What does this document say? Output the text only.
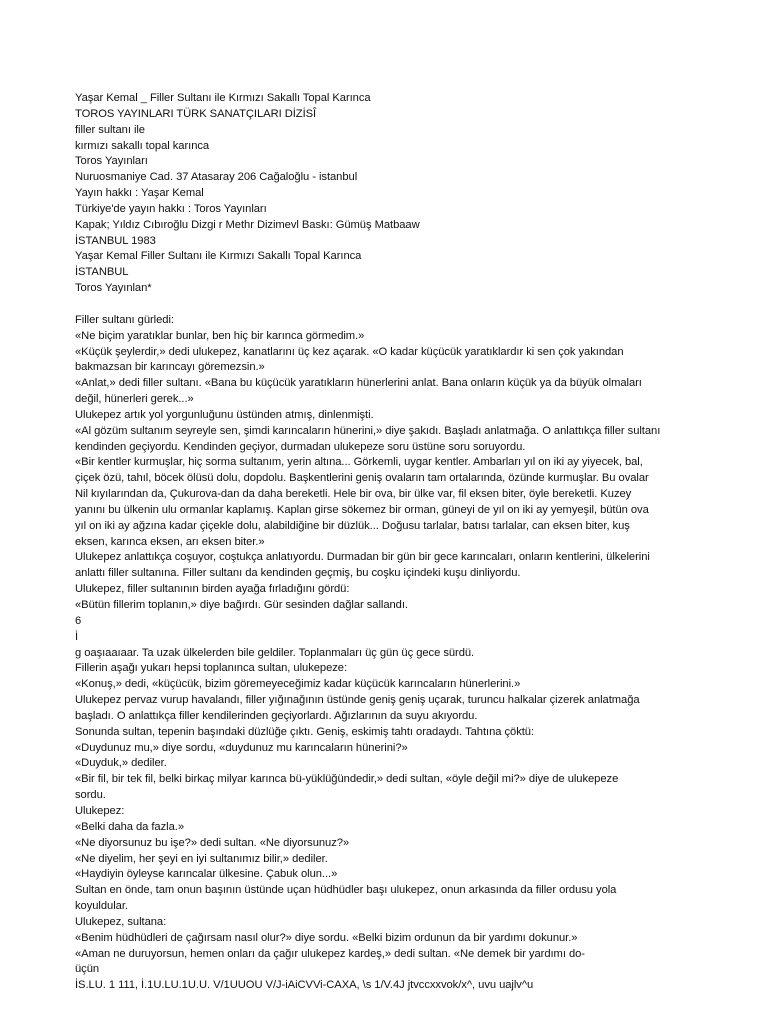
Yaşar Kemal _ Filler Sultanı ile Kırmızı Sakallı Topal Karınca
TOROS YAYINLARI TÜRK SANATÇILARI DİZİSÎ
filler sultanı ile
kırmızı sakallı topal karınca
Toros Yayınları
Nuruosmaniye Cad. 37 Atasaray 206 Cağaloğlu - istanbul
Yayın hakkı : Yaşar Kemal
Türkiye'de yayın hakkı : Toros Yayınları
Kapak; Yıldız Cıbıroğlu Dizgi r Methr Dizimevl Baskı: Gümüş Matbaaw
İSTANBUL 1983
Yaşar Kemal Filler Sultanı ile Kırmızı Sakallı Topal Karınca
İSTANBUL
Toros Yayınlan*
Filler sultanı gürledi:
«Ne biçim yaratıklar bunlar, ben hiç bir karınca görmedim.»
«Küçük şeylerdir,» dedi ulukepez, kanatlarını üç kez açarak. «O kadar küçücük yaratıklardır ki sen çok yakından
bakmazsan bir karıncayı göremezsin.»
«Anlat,» dedi filler sultanı. «Bana bu küçücük yaratıkların hünerlerini anlat. Bana onların küçük ya da büyük olmaları
değil, hünerleri gerek...»
Ulukepez artık yol yorgunluğunu üstünden atmış, dinlenmişti.
«Al gözüm sultanım seyreyle sen, şimdi karıncaların hünerini,» diye şakıdı. Başladı anlatmağa. O anlattıkça filler sultanı
kendinden geçiyordu. Kendinden geçiyor, durmadan ulukepeze soru üstüne soru soruyordu.
«Bir kentler kurmuşlar, hiç sorma sultanım, yerin altına... Görkemli, uygar kentler. Ambarları yıl on iki ay yiyecek, bal,
çiçek özü, tahıl, böcek ölüsü dolu, dopdolu. Başkentlerini geniş ovaların tam ortalarında, özünde kurmuşlar. Bu ovalar
Nil kıyılarından da, Çukurova-dan da daha bereketli. Hele bir ova, bir ülke var, fil eksen biter, öyle bereketli. Kuzey
yanını bu ülkenin ulu ormanlar kaplamış. Kaplan girse sökemez bir orman, güneyi de yıl on iki ay yemyeşil, bütün ova
yıl on iki ay ağzına kadar çiçekle dolu, alabildiğine bir düzlük... Doğusu tarlalar, batısı tarlalar, can eksen biter, kuş
eksen, karınca eksen, arı eksen biter.»
Ulukepez anlattıkça coşuyor, coştukça anlatıyordu. Durmadan bir gün bir gece karıncaları, onların kentlerini, ülkelerini
anlattı filler sultanına. Filler sultanı da kendinden geçmiş, bu coşku içindeki kuşu dinliyordu.
Ulukepez, filler sultanının birden ayağa fırladığını gördü:
«Bütün fillerim toplanın,» diye bağırdı. Gür sesinden dağlar sallandı.
6
İ
g oaşıaaıaar. Ta uzak ülkelerden bile geldiler. Toplanmaları üç gün üç gece sürdü.
Fillerin aşağı yukarı hepsi toplanınca sultan, ulukepeze:
«Konuş,» dedi, «küçücük, bizim göremeyeceğimiz kadar küçücük karıncaların hünerlerini.»
Ulukepez pervaz vurup havalandı, filler yığınağının üstünde geniş geniş uçarak, turuncu halkalar çizerek anlatmağa
başladı. O anlattıkça filler kendilerinden geçiyorlardı. Ağızlarının da suyu akıyordu.
Sonunda sultan, tepenin başındaki düzlüğe çıktı. Geniş, eskimiş tahtı oradaydı. Tahtına çöktü:
«Duydunuz mu,» diye sordu, «duydunuz mu karıncaların hünerini?»
«Duyduk,» dediler.
«Bir fil, bir tek fil, belki birkaç milyar karınca bü-yüklüğündedir,» dedi sultan, «öyle değil mi?» diye de ulukepeze
sordu.
Ulukepez:
«Belki daha da fazla.»
«Ne diyorsunuz bu işe?» dedi sultan. «Ne diyorsunuz?»
«Ne diyelim, her şeyi en iyi sultanımız bilir,» dediler.
«Haydiyin öyleyse karıncalar ülkesine. Çabuk olun...»
Sultan en önde, tam onun başının üstünde uçan hüdhüdler başı ulukepez, onun arkasında da filler ordusu yola
koyuldular.
Ulukepez, sultana:
«Benim hüdhüdleri de çağırsam nasıl olur?» diye sordu. «Belki bizim ordunun da bir yardımı dokunur.»
«Aman ne duruyorsun, hemen onları da çağır ulukepez kardeş,» dedi sultan. «Ne demek bir yardımı do-
üçün
İS.LU. 1 111, İ.1U.LU.1U.U. V/1UUOU V/J-iAiCVVi-CAXA, \s 1/V.4J jtvccxxvok/x^, uvu uajlv^u
